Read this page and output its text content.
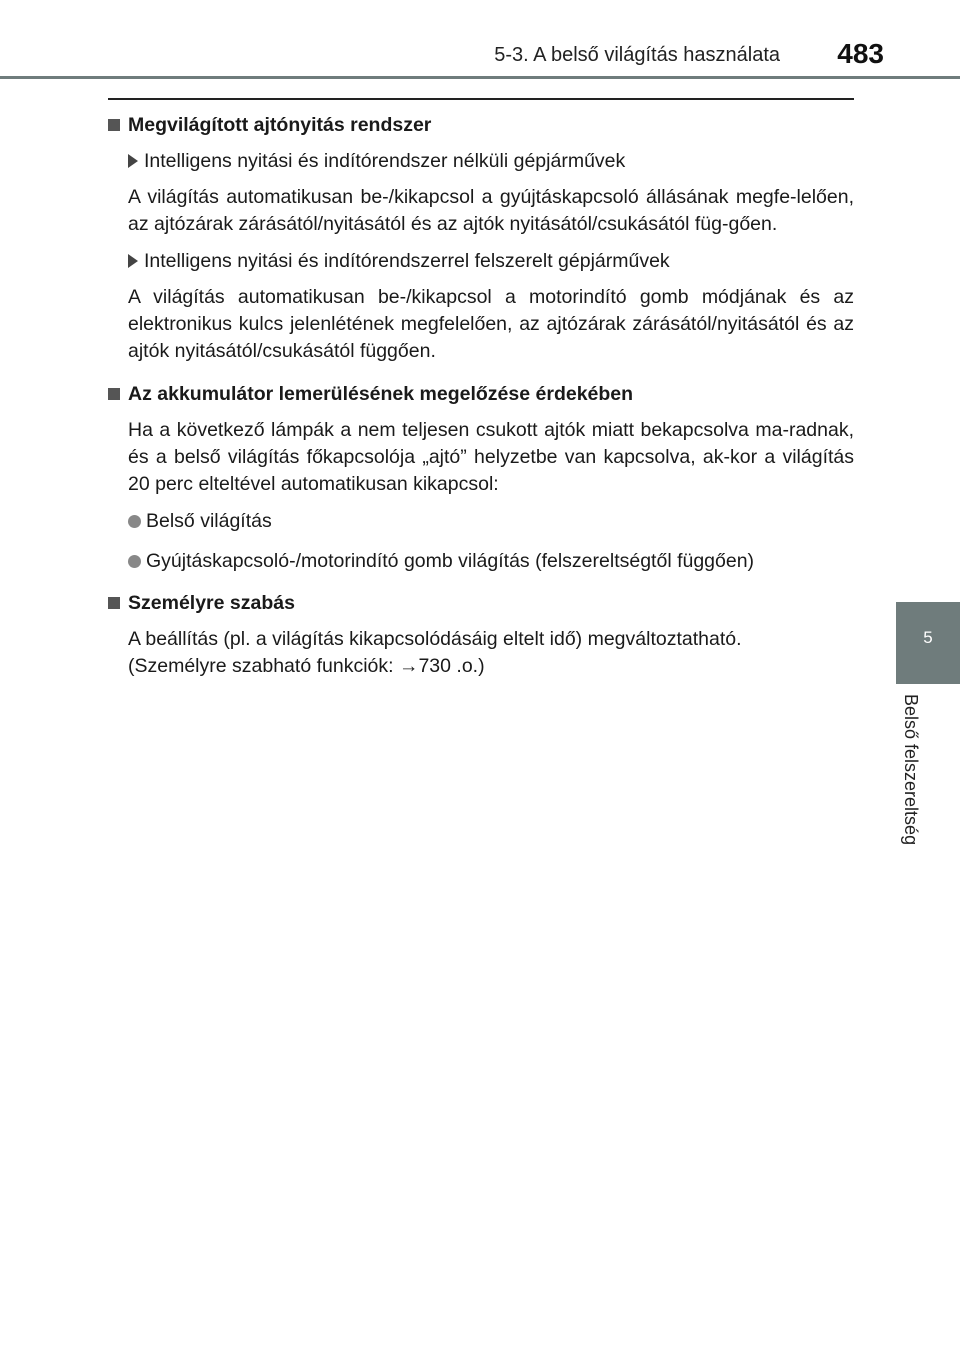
5-3. A belső világítás használata 483
5
Belső felszereltség
Megvilágított ajtónyitás rendszer
Intelligens nyitási és indítórendszer nélküli gépjárművek

A világítás automatikusan be-/kikapcsol a gyújtáskapcsoló állásának megfe-lelően, az ajtózárak zárásától/nyitásától és az ajtók nyitásától/csukásától füg-gően.

Intelligens nyitási és indítórendszerrel felszerelt gépjárművek

A világítás automatikusan be-/kikapcsol a motorindító gomb módjának és az elektronikus kulcs jelenlétének megfelelően, az ajtózárak zárásától/nyitásától és az ajtók nyitásától/csukásától függően.

Az akkumulátor lemerülésének megelőzése érdekében

Ha a következő lámpák a nem teljesen csukott ajtók miatt bekapcsolva ma-radnak, és a belső világítás főkapcsolója „ajtó” helyzetbe van kapcsolva, ak-kor a világítás 20 perc elteltével automatikusan kikapcsol:

Belső világítás
Gyújtáskapcsoló-/motorindító gomb világítás (felszereltségtől függően)
Személyre szabás

A beállítás (pl. a világítás kikapcsolódásáig eltelt idő) megváltoztatható.
(Személyre szabható funkciók: →730 .o.)
